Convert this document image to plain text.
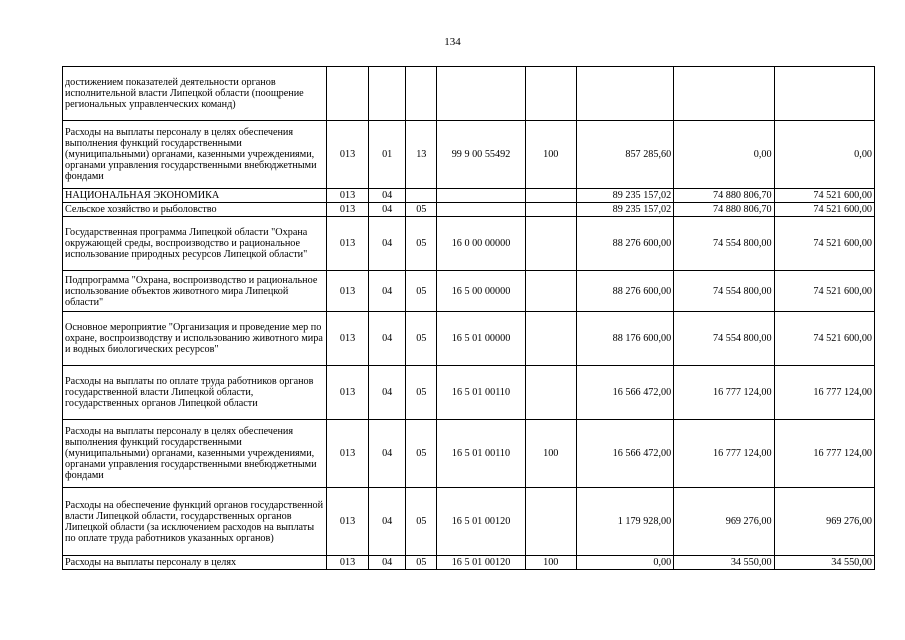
134
достижением показателей деятельности органов исполнительной власти Липецкой области (поощрение региональных управленческих команд)								
Расходы на выплаты персоналу в целях обеспечения выполнения функций государственными (муниципальными) органами, казенными учреждениями, органами управления государственными внебюджетными фондами	013	01	13	99 9 00 55492	100	857 285,60	0,00	0,00
НАЦИОНАЛЬНАЯ ЭКОНОМИКА	013	04				89 235 157,02	74 880 806,70	74 521 600,00
Сельское хозяйство и рыболовство	013	04	05			89 235 157,02	74 880 806,70	74 521 600,00
Государственная программа Липецкой области "Охрана окружающей среды, воспроизводство и рациональное использование природных ресурсов Липецкой области"	013	04	05	16 0 00 00000		88 276 600,00	74 554 800,00	74 521 600,00
Подпрограмма "Охрана, воспроизводство и рациональное использование объектов животного мира Липецкой области"	013	04	05	16 5 00 00000		88 276 600,00	74 554 800,00	74 521 600,00
Основное мероприятие "Организация и проведение мер по охране, воспроизводству и использованию животного мира и водных биологических ресурсов"	013	04	05	16 5 01 00000		88 176 600,00	74 554 800,00	74 521 600,00
Расходы на выплаты по оплате труда работников органов государственной власти Липецкой области, государственных органов Липецкой области	013	04	05	16 5 01 00110		16 566 472,00	16 777 124,00	16 777 124,00
Расходы на выплаты персоналу в целях обеспечения выполнения функций государственными (муниципальными) органами, казенными учреждениями, органами управления государственными внебюджетными фондами	013	04	05	16 5 01 00110	100	16 566 472,00	16 777 124,00	16 777 124,00
Расходы на обеспечение функций органов государственной власти Липецкой области, государственных органов Липецкой области (за исключением расходов на выплаты по оплате труда работников указанных органов)	013	04	05	16 5 01 00120		1 179 928,00	969 276,00	969 276,00
Расходы на выплаты персоналу в целях	013	04	05	16 5 01 00120	100	0,00	34 550,00	34 550,00
